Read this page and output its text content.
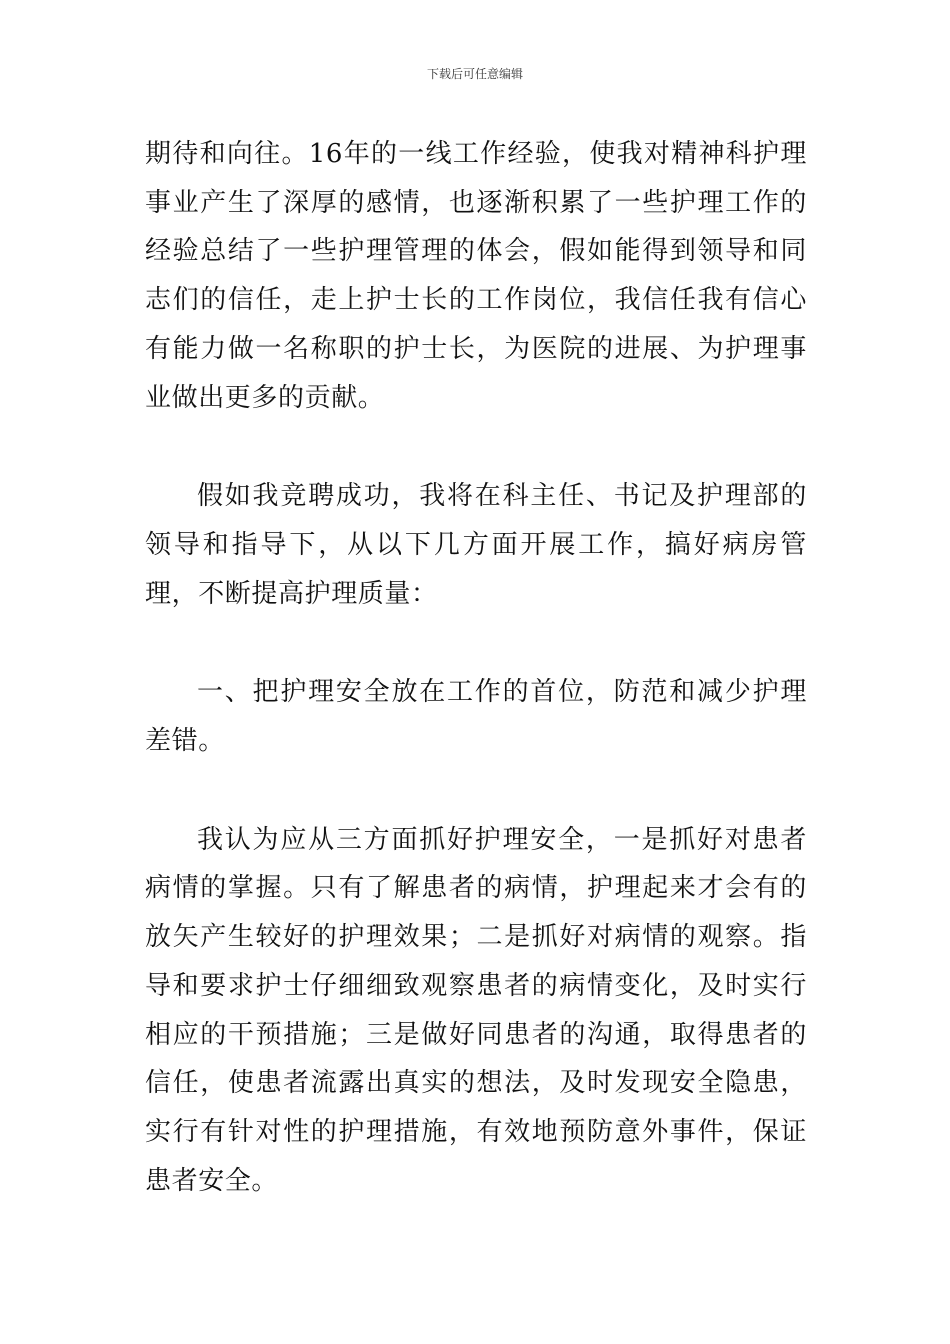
下载后可任意编辑

期待和向往。16年的一线工作经验，使我对精神科护理事业产生了深厚的感情，也逐渐积累了一些护理工作的经验总结了一些护理管理的体会，假如能得到领导和同志们的信任，走上护士长的工作岗位，我信任我有信心有能力做一名称职的护士长，为医院的进展、为护理事业做出更多的贡献。

假如我竞聘成功，我将在科主任、书记及护理部的领导和指导下，从以下几方面开展工作，搞好病房管理，不断提高护理质量：

一、把护理安全放在工作的首位，防范和减少护理差错。

我认为应从三方面抓好护理安全，一是抓好对患者病情的掌握。只有了解患者的病情，护理起来才会有的放矢产生较好的护理效果；二是抓好对病情的观察。指导和要求护士仔细细致观察患者的病情变化，及时实行相应的干预措施；三是做好同患者的沟通，取得患者的信任，使患者流露出真实的想法，及时发现安全隐患，实行有针对性的护理措施，有效地预防意外事件，保证患者安全。
